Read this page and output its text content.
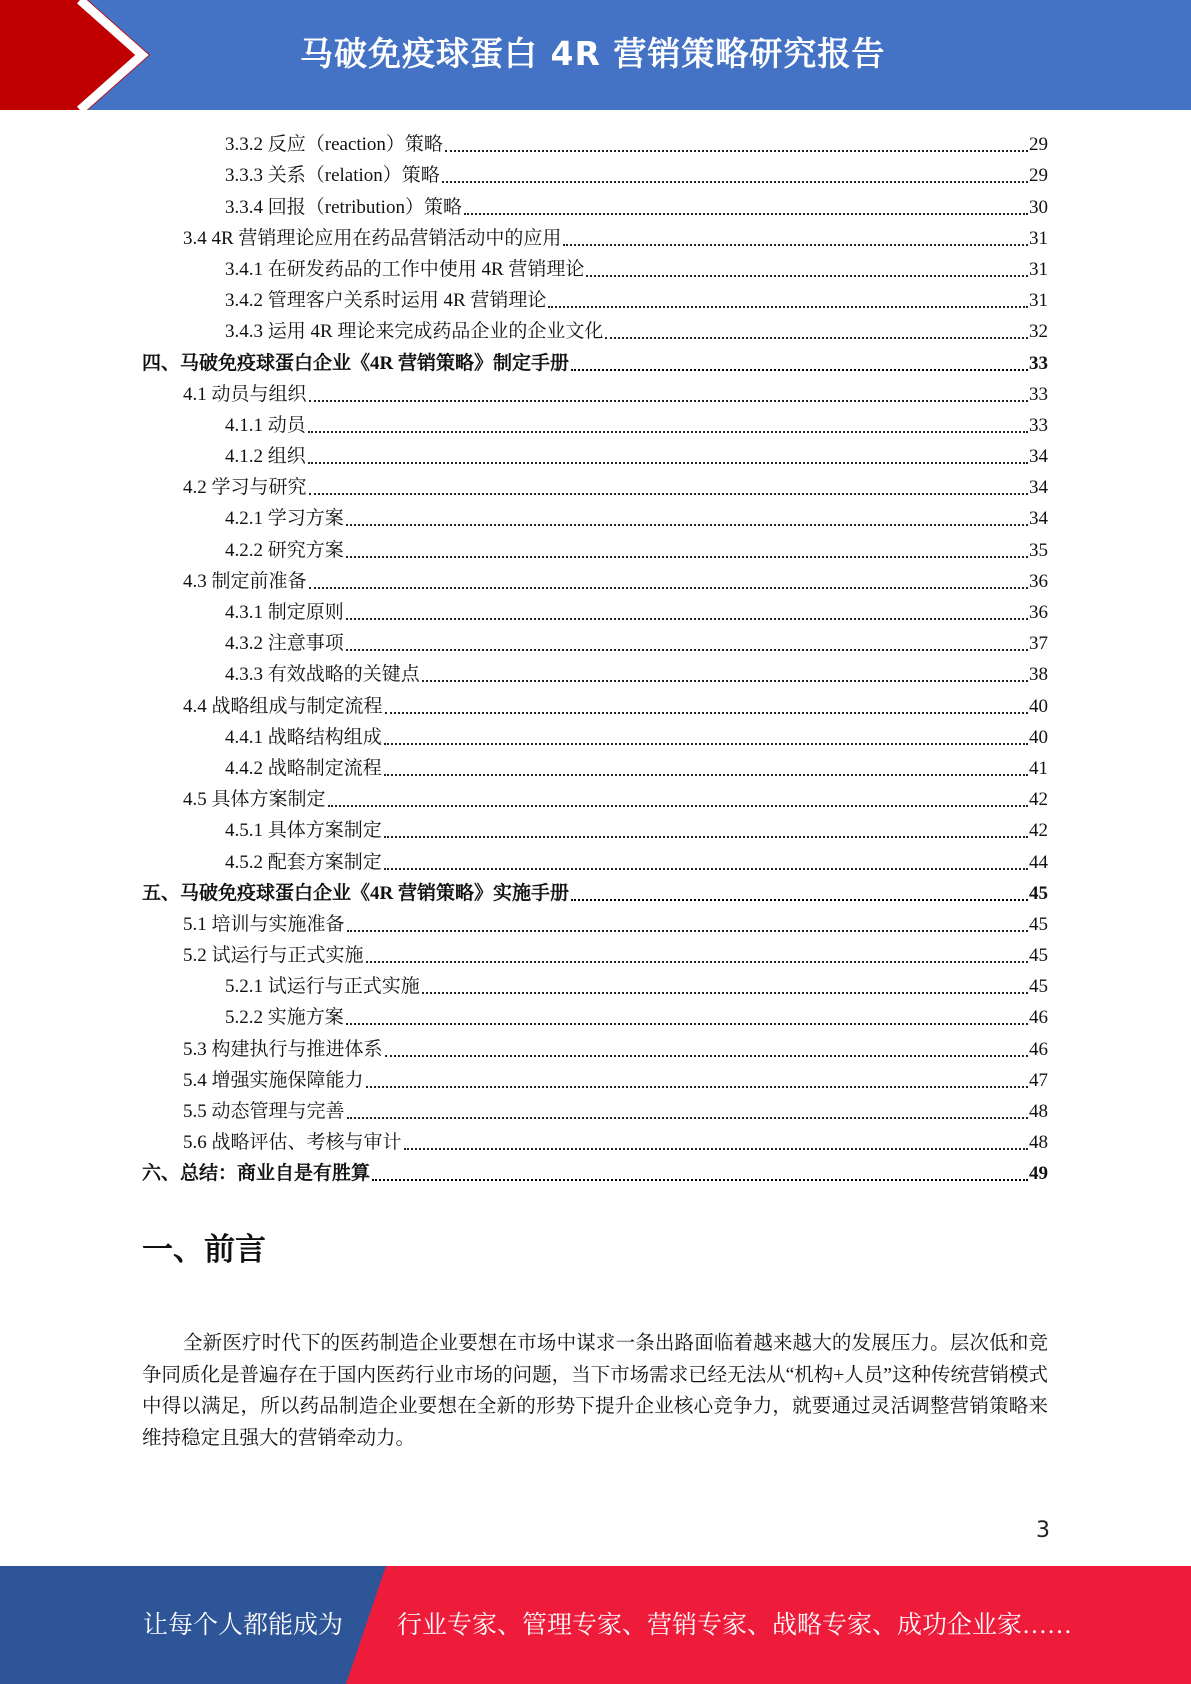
马破免疫球蛋白 4R 营销策略研究报告
3.3.2 反应（reaction）策略	29
3.3.3 关系（relation）策略	29
3.3.4 回报（retribution）策略	30
3.4 4R 营销理论应用在药品营销活动中的应用	31
3.4.1 在研发药品的工作中使用 4R 营销理论	31
3.4.2 管理客户关系时运用 4R 营销理论	31
3.4.3 运用 4R 理论来完成药品企业的企业文化	32
四、马破免疫球蛋白企业《4R 营销策略》制定手册	33
4.1 动员与组织	33
4.1.1 动员	33
4.1.2 组织	34
4.2 学习与研究	34
4.2.1 学习方案	34
4.2.2 研究方案	35
4.3 制定前准备	36
4.3.1 制定原则	36
4.3.2 注意事项	37
4.3.3 有效战略的关键点	38
4.4 战略组成与制定流程	40
4.4.1 战略结构组成	40
4.4.2 战略制定流程	41
4.5 具体方案制定	42
4.5.1 具体方案制定	42
4.5.2 配套方案制定	44
五、马破免疫球蛋白企业《4R 营销策略》实施手册	45
5.1 培训与实施准备	45
5.2 试运行与正式实施	45
5.2.1 试运行与正式实施	45
5.2.2 实施方案	46
5.3 构建执行与推进体系	46
5.4 增强实施保障能力	47
5.5 动态管理与完善	48
5.6 战略评估、考核与审计	48
六、总结：商业自是有胜算	49
一、前言

全新医疗时代下的医药制造企业要想在市场中谋求一条出路面临着越来越大的发展压力。层次低和竞争同质化是普遍存在于国内医药行业市场的问题，当下市场需求已经无法从“机构+人员”这种传统营销模式中得以满足，所以药品制造企业要想在全新的形势下提升企业核心竞争力，就要通过灵活调整营销策略来维持稳定且强大的营销牵动力。

3
让每个人都能成为 行业专家、管理专家、营销专家、战略专家、成功企业家……
